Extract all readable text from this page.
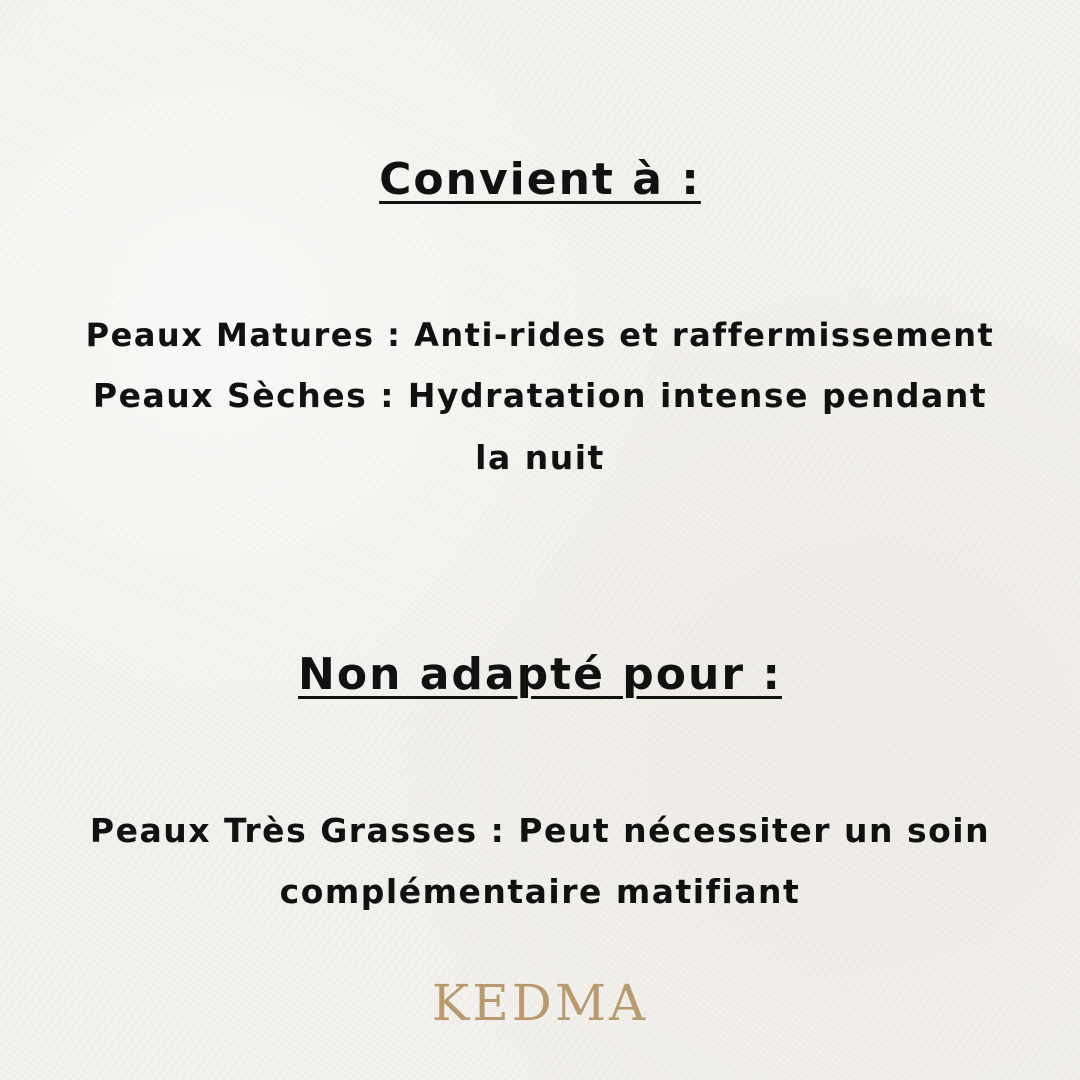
Convient à :

Peaux Matures : Anti-rides et raffermissement

Peaux Sèches : Hydratation intense pendant

la nuit

Non adapté pour :

Peaux Très Grasses : Peut nécessiter un soin

complémentaire matifiant

KEDMA
